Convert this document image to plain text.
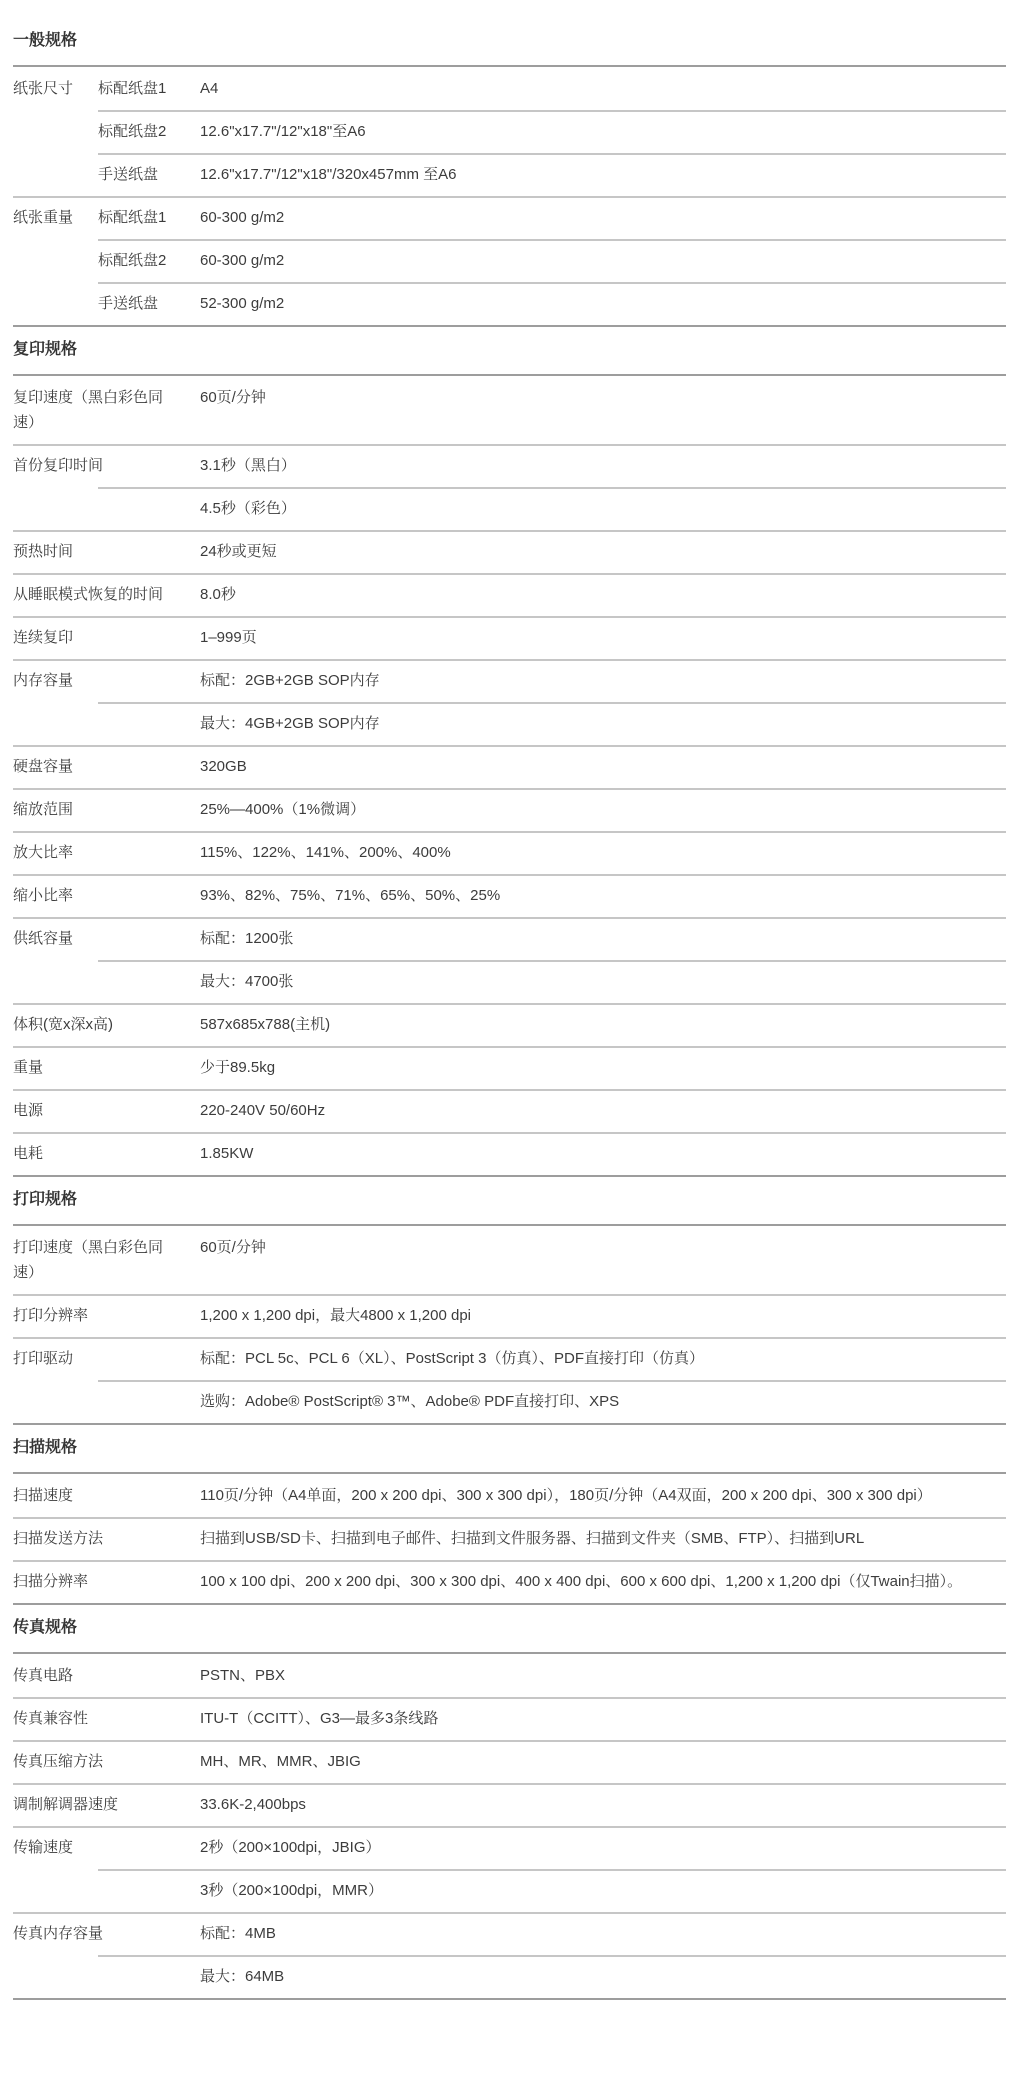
一般规格
纸张尺寸	标配纸盘1	A4
标配纸盘2	12.6"x17.7"/12"x18"至A6
手送纸盘	12.6"x17.7"/12"x18"/320x457mm 至A6
纸张重量	标配纸盘1	60-300 g/m2
标配纸盘2	60-300 g/m2
手送纸盘	52-300 g/m2
复印规格
复印速度（黑白彩色同速）
60页/分钟
首份复印时间	3.1秒（黑白）
4.5秒（彩色）
预热时间	24秒或更短
从睡眠模式恢复的时间	8.0秒
连续复印	1–999页
内存容量	标配：2GB+2GB SOP内存
最大：4GB+2GB SOP内存
硬盘容量	320GB
缩放范围	25%—400%（1%微调）
放大比率	115%、122%、141%、200%、400%
缩小比率	93%、82%、75%、71%、65%、50%、25%
供纸容量	标配：1200张
最大：4700张
体积(宽x深x高)	587x685x788(主机)
重量	少于89.5kg
电源	220-240V 50/60Hz
电耗	1.85KW
打印规格
打印速度（黑白彩色同速）
60页/分钟
打印分辨率	1,200 x 1,200 dpi，最大4800 x 1,200 dpi
打印驱动	标配：PCL 5c、PCL 6（XL）、PostScript 3（仿真）、PDF直接打印（仿真）
选购：Adobe® PostScript® 3™、Adobe® PDF直接打印、XPS
扫描规格
扫描速度	110页/分钟（A4单面，200 x 200 dpi、300 x 300 dpi），180页/分钟（A4双面，200 x 200 dpi、300 x 300 dpi）
扫描发送方法	扫描到USB/SD卡、扫描到电子邮件、扫描到文件服务器、扫描到文件夹（SMB、FTP）、扫描到URL
扫描分辨率	100 x 100 dpi、200 x 200 dpi、300 x 300 dpi、400 x 400 dpi、600 x 600 dpi、1,200 x 1,200 dpi（仅Twain扫描）。
传真规格
传真电路	PSTN、PBX
传真兼容性	ITU-T（CCITT）、G3—最多3条线路
传真压缩方法	MH、MR、MMR、JBIG
调制解调器速度	33.6K-2,400bps
传输速度	2秒（200×100dpi，JBIG）
3秒（200×100dpi，MMR）
传真内存容量	标配：4MB
最大：64MB
